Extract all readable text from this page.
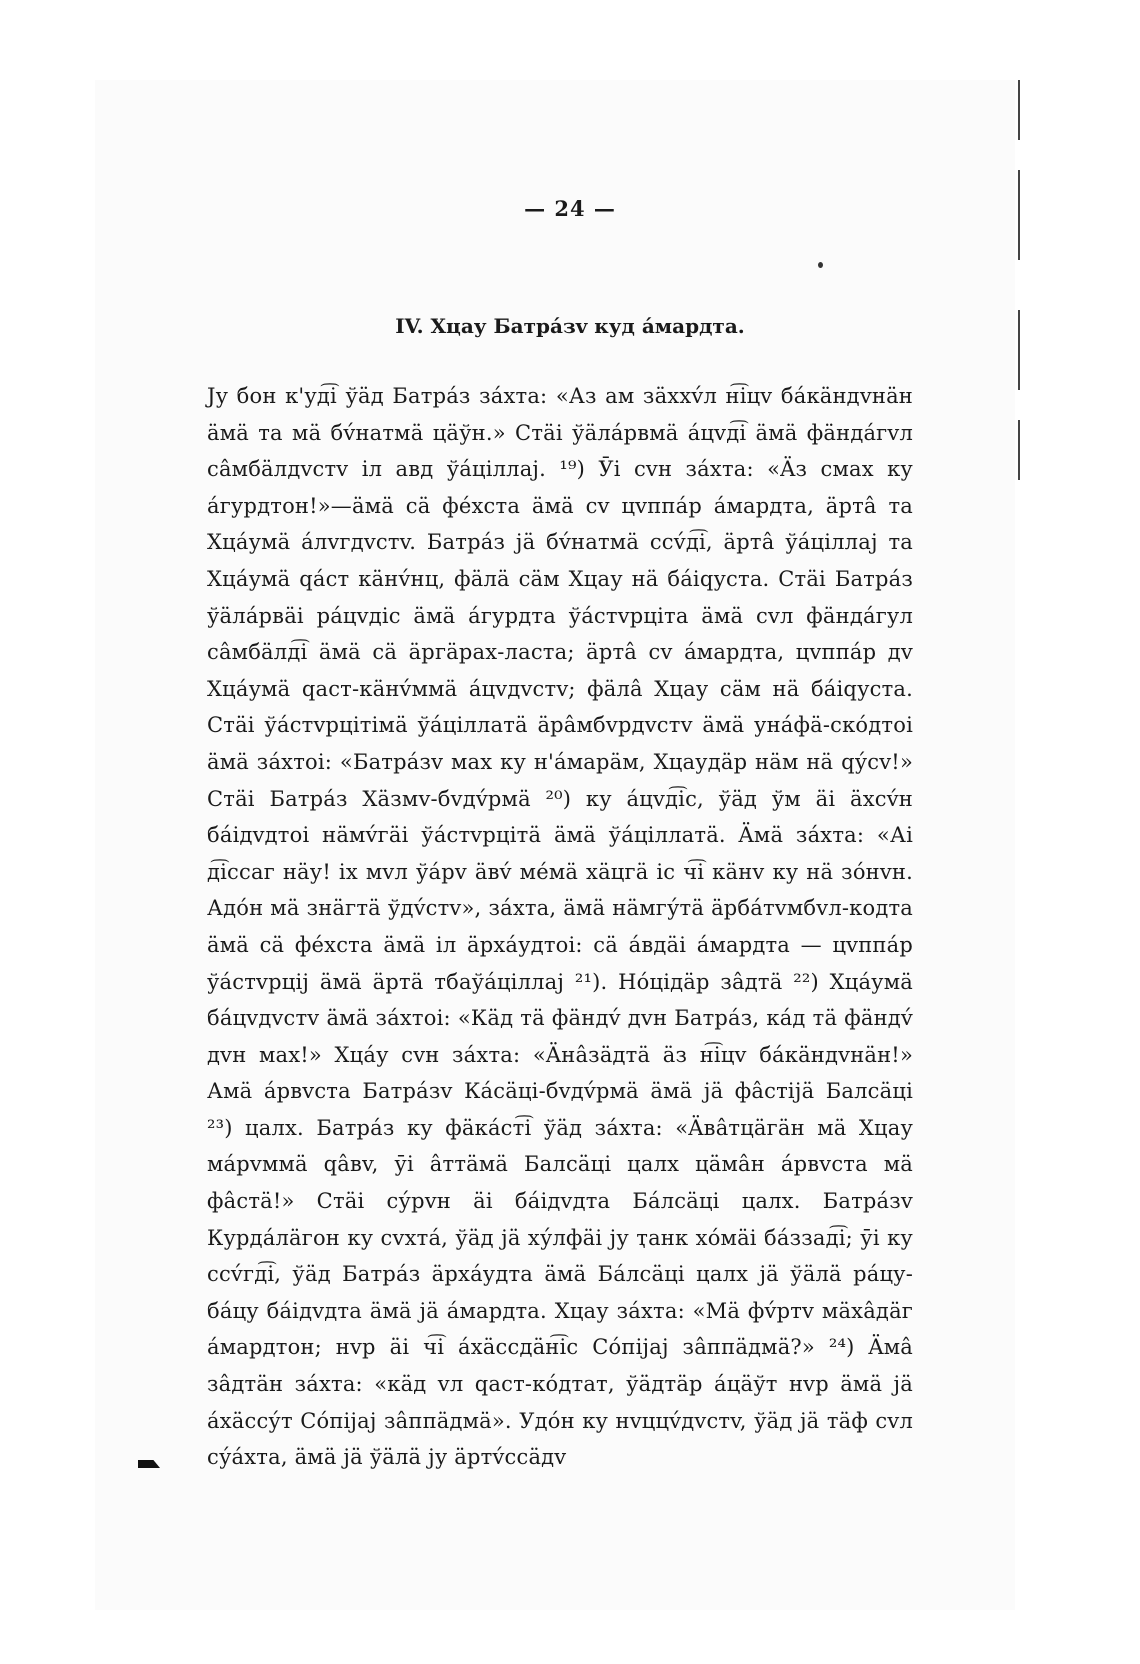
— 24 —
IV. Хцау Батрáзv куд áмардта.

Jу бон к'уд͡і ўäд Батрáз зáхта: «Аз ам зäххv́л н͡іцv бáкäндvнäн äмä та мä бv́натмä цäўн.» Стäі ўäлáрвмä áцvд͡і äмä фäндáгvл сâмбäлдvстv іл авд ўáціллај. ¹⁹) Ӯі сvн зáхта: «Äз смах ку áгурдтон!»—äмä сä фéхста äмä сv цvппáр áмардта, äртâ та Хцáумä áлvгдvстv. Батрáз jä бv́натмä ссv́д͡і, äртâ ўáціллај та Хцáумä qáст кäнv́нц, фäлä сäм Хцау нä бáіqуста. Стäі Батрáз ўäлáрвäі рáцvдіс äмä áгурдта ўáстvрціта äмä сvл фäндáгул сâмбäлд͡і äмä сä äргäрах-ласта; äртâ сv áмардта, цvппáр дv Хцáумä qаст-кäнv́ммä áцvдvстv; фäлâ Хцау сäм нä бáіqуста. Стäі ўáстvрцітімä ўáціллатä äрâмбvрдvстv äмä унáфä-скóдтоі äмä зáхтоі: «Батрáзv мах ку н'áмарäм, Хцаудäр нäм нä qу́сv!» Стäі Батрáз Хäзмv-бvдv́рмä ²⁰) ку áцvд͡іс, ўäд ўм äі äхсv́н бáідvдтоі нäмv́гäі ўáстvрцітä äмä ўáціллатä. Äмä зáхта: «Аі д͡іссаг нäу! іх мvл ўáрv äвv́ мéмä хäцгä іс ч͡і кäнv ку нä зóнvн. Адóн мä знäгтä ўдv́стv», зáхта, äмä нäмгу́тä äрбáтvмбvл-кодта äмä сä фéхста äмä іл äрхáудтоі: сä áвдäі áмардта — цvппáр ўáстvрціј äмä äртä тбаўáціллај ²¹). Нóцідäр зâдтä ²²) Хцáумä бáцvдvстv äмä зáхтоі: «Кäд тä фäндv́ дvн Батрáз, кáд тä фäндv́ дvн мах!» Хцáу сvн зáхта: «Äнâзäдтä äз н͡іцv бáкäндvнäн!» Амä áрвvста Батрáзv Кáсäці-бvдv́рмä äмä jä фâстіjä Балсäці ²³) цалх. Батрáз ку фäкáст͡і ўäд зáхта: «Äвâтцäгäн мä Хцау мáрvммä qâвv, ӯі âттäмä Балсäці цалх цäмâн áрвvста мä фâстä!» Стäі су́рvн äі бáідvдта Бáлсäці цалх. Батрáзv Курдáлäгон ку сvхтá, ўäд jä ху́лфäі jу ҭанк хóмäі бáззад͡і; ӯі ку ссv́гд͡і, ўäд Батрáз äрхáудта äмä Бáлсäці цалх jä ўäлä рáцу-бáцу бáідvдта äмä jä áмардта. Хцау зáхта: «Мä фv́ртv мäхâдäг áмардтон; нvр äі ч͡і áхäссдäн͡іс Сóпіjај зâппäдмä?» ²⁴) Äмâ зâдтäн зáхта: «кäд vл qаст-кóдтат, ўäдтäр áцäўт нvр äмä jä áхäссу́т Сóпіjај зâппäдмä». Удóн ку нvццv́дvстv, ўäд jä тäф сvл су́áхта, äмä jä ўäлä jу äртv́ссäдv
